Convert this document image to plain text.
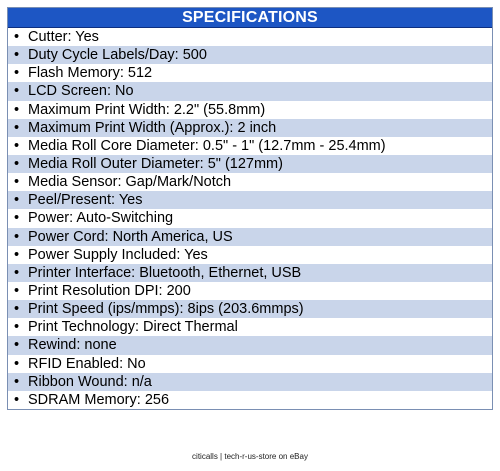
SPECIFICATIONS
• Cutter: Yes
• Duty Cycle Labels/Day: 500
• Flash Memory: 512
• LCD Screen: No
• Maximum Print Width: 2.2" (55.8mm)
• Maximum Print Width (Approx.): 2 inch
• Media Roll Core Diameter: 0.5" - 1" (12.7mm - 25.4mm)
• Media Roll Outer Diameter: 5" (127mm)
• Media Sensor: Gap/Mark/Notch
• Peel/Present: Yes
• Power: Auto-Switching
• Power Cord: North America, US
• Power Supply Included: Yes
• Printer Interface: Bluetooth, Ethernet, USB
• Print Resolution DPI: 200
• Print Speed (ips/mmps): 8ips (203.6mmps)
• Print Technology: Direct Thermal
• Rewind: none
• RFID Enabled: No
• Ribbon Wound: n/a
• SDRAM Memory: 256
citicalls | tech-r-us-store on eBay
